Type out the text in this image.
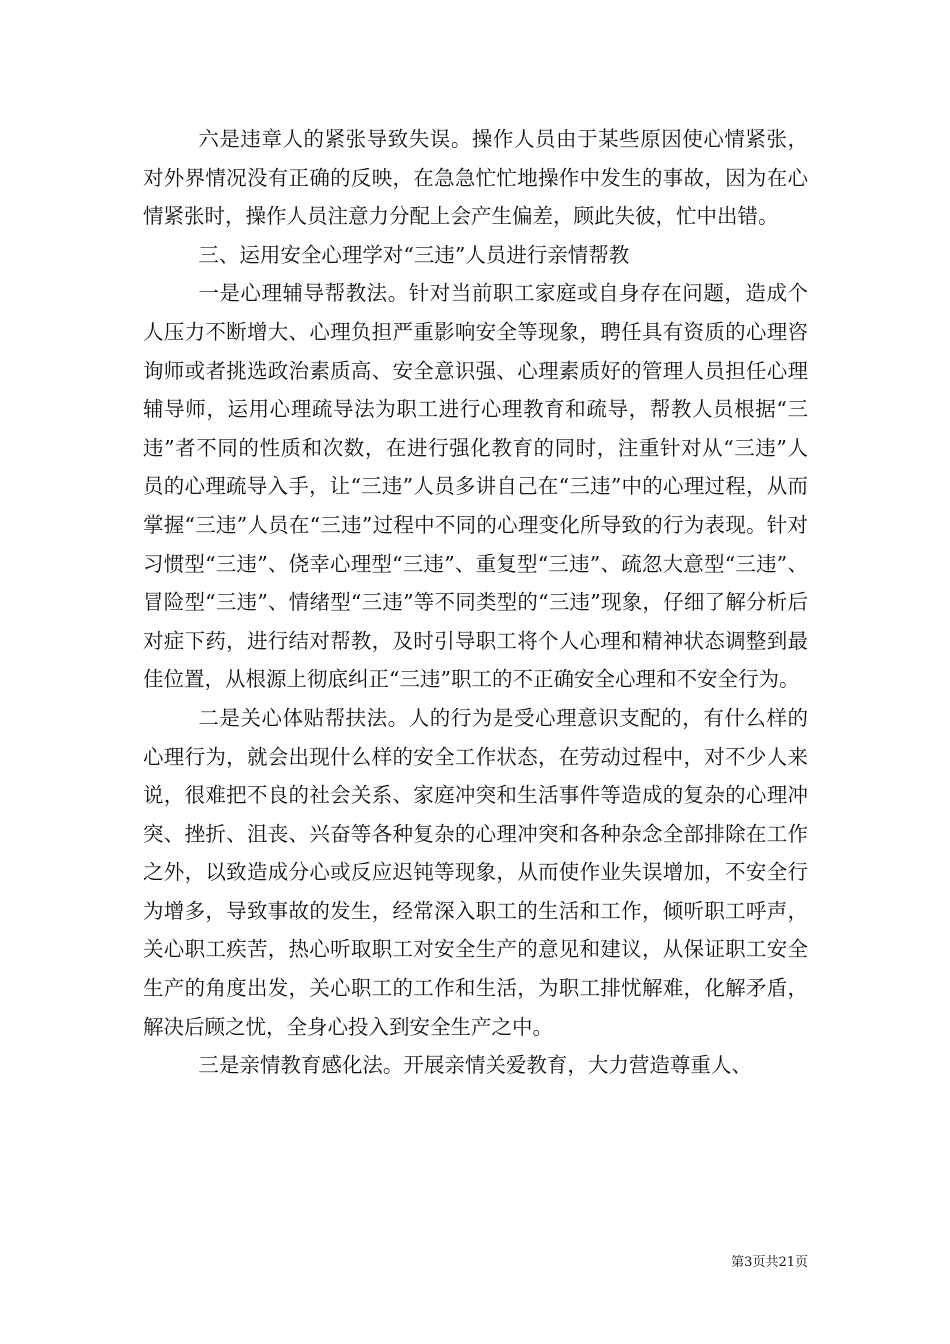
六是违章人的紧张导致失误。操作人员由于某些原因使心情紧张，对外界情况没有正确的反映，在急急忙忙地操作中发生的事故，因为在心情紧张时，操作人员注意力分配上会产生偏差，顾此失彼，忙中出错。

三、运用安全心理学对“三违”人员进行亲情帮教

一是心理辅导帮教法。针对当前职工家庭或自身存在问题，造成个人压力不断增大、心理负担严重影响安全等现象，聘任具有资质的心理咨询师或者挑选政治素质高、安全意识强、心理素质好的管理人员担任心理辅导师，运用心理疏导法为职工进行心理教育和疏导，帮教人员根据“三违”者不同的性质和次数，在进行强化教育的同时，注重针对从“三违”人员的心理疏导入手，让“三违”人员多讲自己在“三违”中的心理过程，从而掌握“三违”人员在“三违”过程中不同的心理变化所导致的行为表现。针对习惯型“三违”、侥幸心理型“三违”、重复型“三违”、疏忽大意型“三违”、冒险型“三违”、情绪型“三违”等不同类型的“三违”现象，仔细了解分析后对症下药，进行结对帮教，及时引导职工将个人心理和精神状态调整到最佳位置，从根源上彻底纠正“三违”职工的不正确安全心理和不安全行为。

二是关心体贴帮扶法。人的行为是受心理意识支配的，有什么样的心理行为，就会出现什么样的安全工作状态，在劳动过程中，对不少人来说，很难把不良的社会关系、家庭冲突和生活事件等造成的复杂的心理冲突、挫折、沮丧、兴奋等各种复杂的心理冲突和各种杂念全部排除在工作之外，以致造成分心或反应迟钝等现象，从而使作业失误增加，不安全行为增多，导致事故的发生，经常深入职工的生活和工作，倾听职工呼声，关心职工疾苦，热心听取职工对安全生产的意见和建议，从保证职工安全生产的角度出发，关心职工的工作和生活，为职工排忧解难，化解矛盾，解决后顾之忧，全身心投入到安全生产之中。

三是亲情教育感化法。开展亲情关爱教育，大力营造尊重人、

第3页共21页
